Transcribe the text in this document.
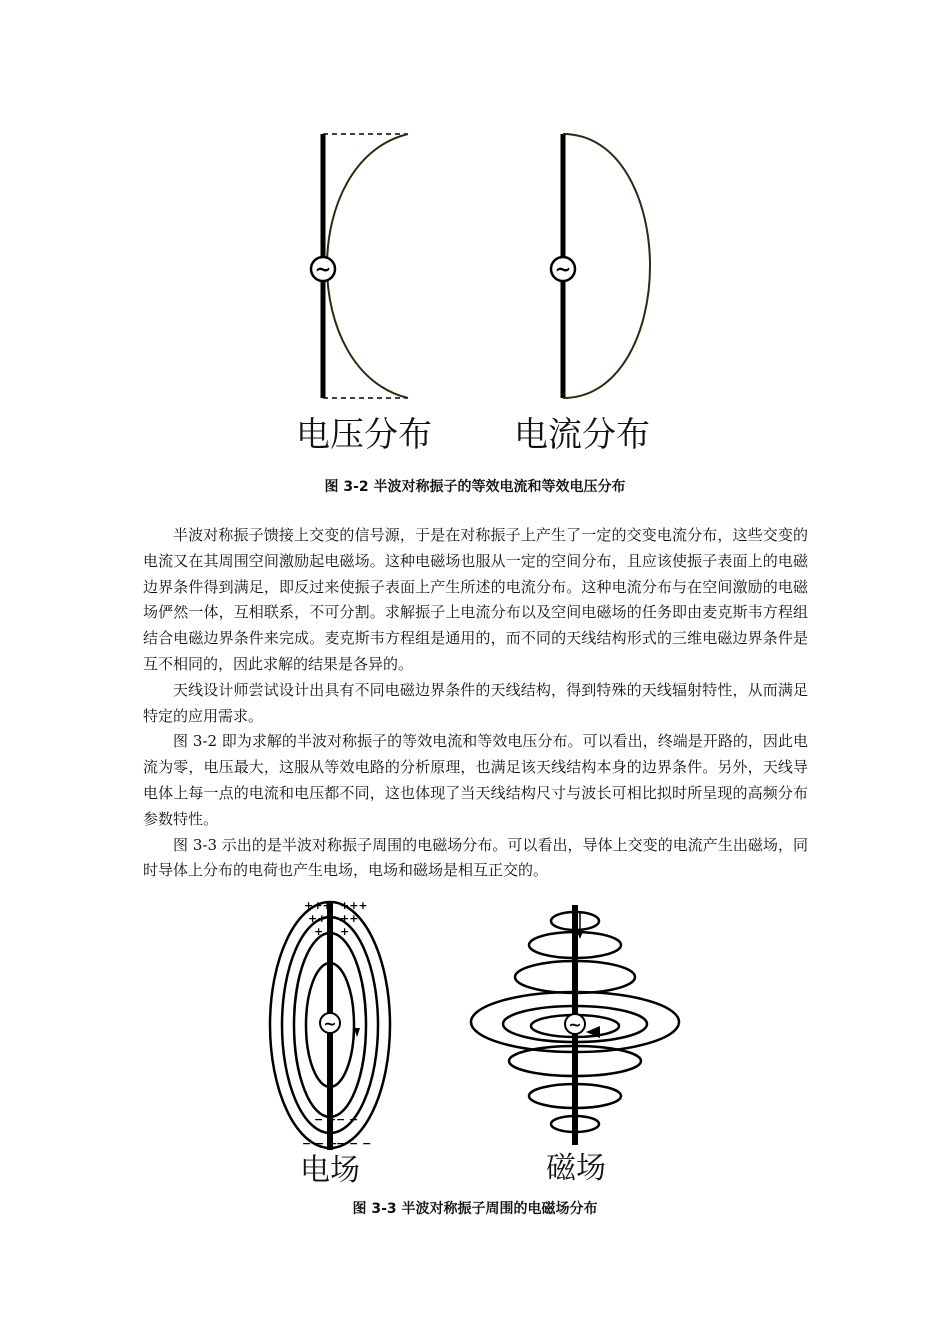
~
电压分布
~
电流分布
图 3-2 半波对称振子的等效电流和等效电压分布

半波对称振子馈接上交变的信号源，于是在对称振子上产生了一定的交变电流分布，这些交变的电流又在其周围空间激励起电磁场。这种电磁场也服从一定的空间分布，且应该使振子表面上的电磁边界条件得到满足，即反过来使振子表面上产生所述的电流分布。这种电流分布与在空间激励的电磁场俨然一体，互相联系，不可分割。求解振子上电流分布以及空间电磁场的任务即由麦克斯韦方程组结合电磁边界条件来完成。麦克斯韦方程组是通用的，而不同的天线结构形式的三维电磁边界条件是互不相同的，因此求解的结果是各异的。

天线设计师尝试设计出具有不同电磁边界条件的天线结构，得到特殊的天线辐射特性，从而满足特定的应用需求。

图 3-2 即为求解的半波对称振子的等效电流和等效电压分布。可以看出，终端是开路的，因此电流为零，电压最大，这服从等效电路的分析原理，也满足该天线结构本身的边界条件。另外，天线导电体上每一点的电流和电压都不同，这也体现了当天线结构尺寸与波长可相比拟时所呈现的高频分布参数特性。

图 3-3 示出的是半波对称振子周围的电磁场分布。可以看出，导体上交变的电流产生出磁场，同时导体上分布的电荷也产生电场，电场和磁场是相互正交的。

+++ +++
++ ++
+ +
− − − −
− − −
− − −
~
电场
~
磁场
图 3-3 半波对称振子周围的电磁场分布
